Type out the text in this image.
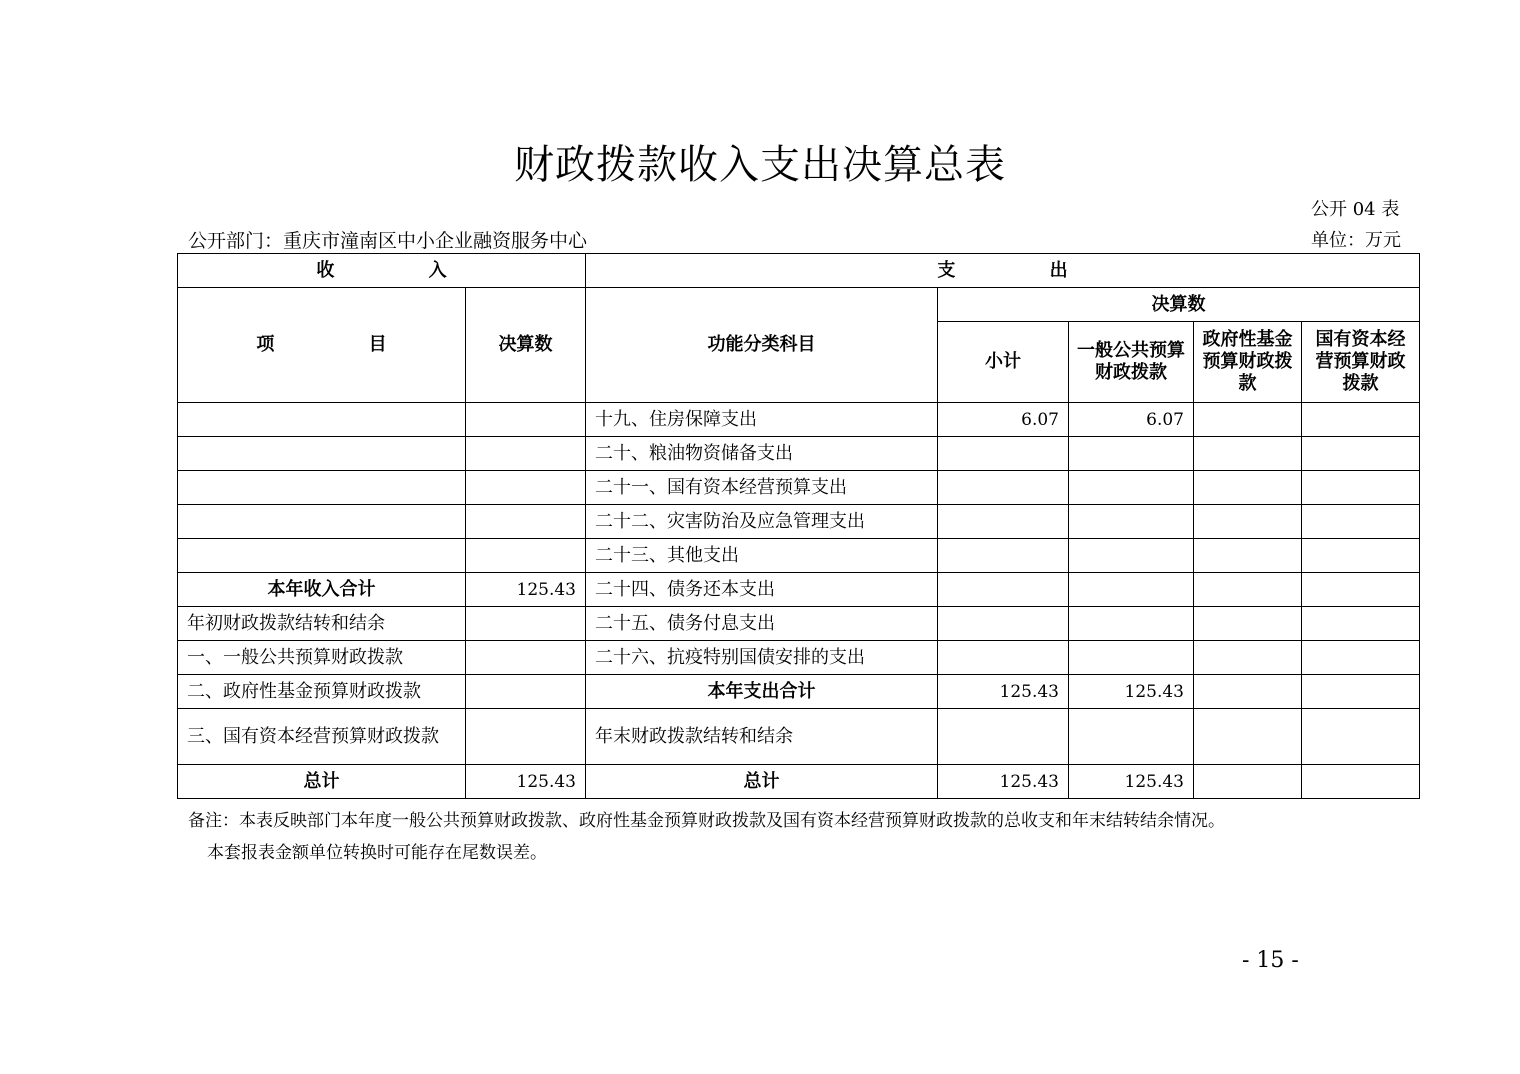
财政拨款收入支出决算总表
公开 04 表
公开部门：重庆市潼南区中小企业融资服务中心	单位：万元
收 入		支 出				
项 目	决算数	功能分类科目	决算数			
			小计	一般公共预算财政拨款	政府性基金预算财政拨款	国有资本经营预算财政拨款
		十九、住房保障支出	6.07	6.07		
		二十、粮油物资储备支出				
		二十一、国有资本经营预算支出				
		二十二、灾害防治及应急管理支出				
		二十三、其他支出				
本年收入合计	125.43	二十四、债务还本支出				
年初财政拨款结转和结余		二十五、债务付息支出				
一、一般公共预算财政拨款		二十六、抗疫特别国债安排的支出				
二、政府性基金预算财政拨款		本年支出合计	125.43	125.43		
三、国有资本经营预算财政拨款		年末财政拨款结转和结余				
总计	125.43	总计	125.43	125.43		
备注：本表反映部门本年度一般公共预算财政拨款、政府性基金预算财政拨款及国有资本经营预算财政拨款的总收支和年末结转结余情况。
本套报表金额单位转换时可能存在尾数误差。
- 15 -
